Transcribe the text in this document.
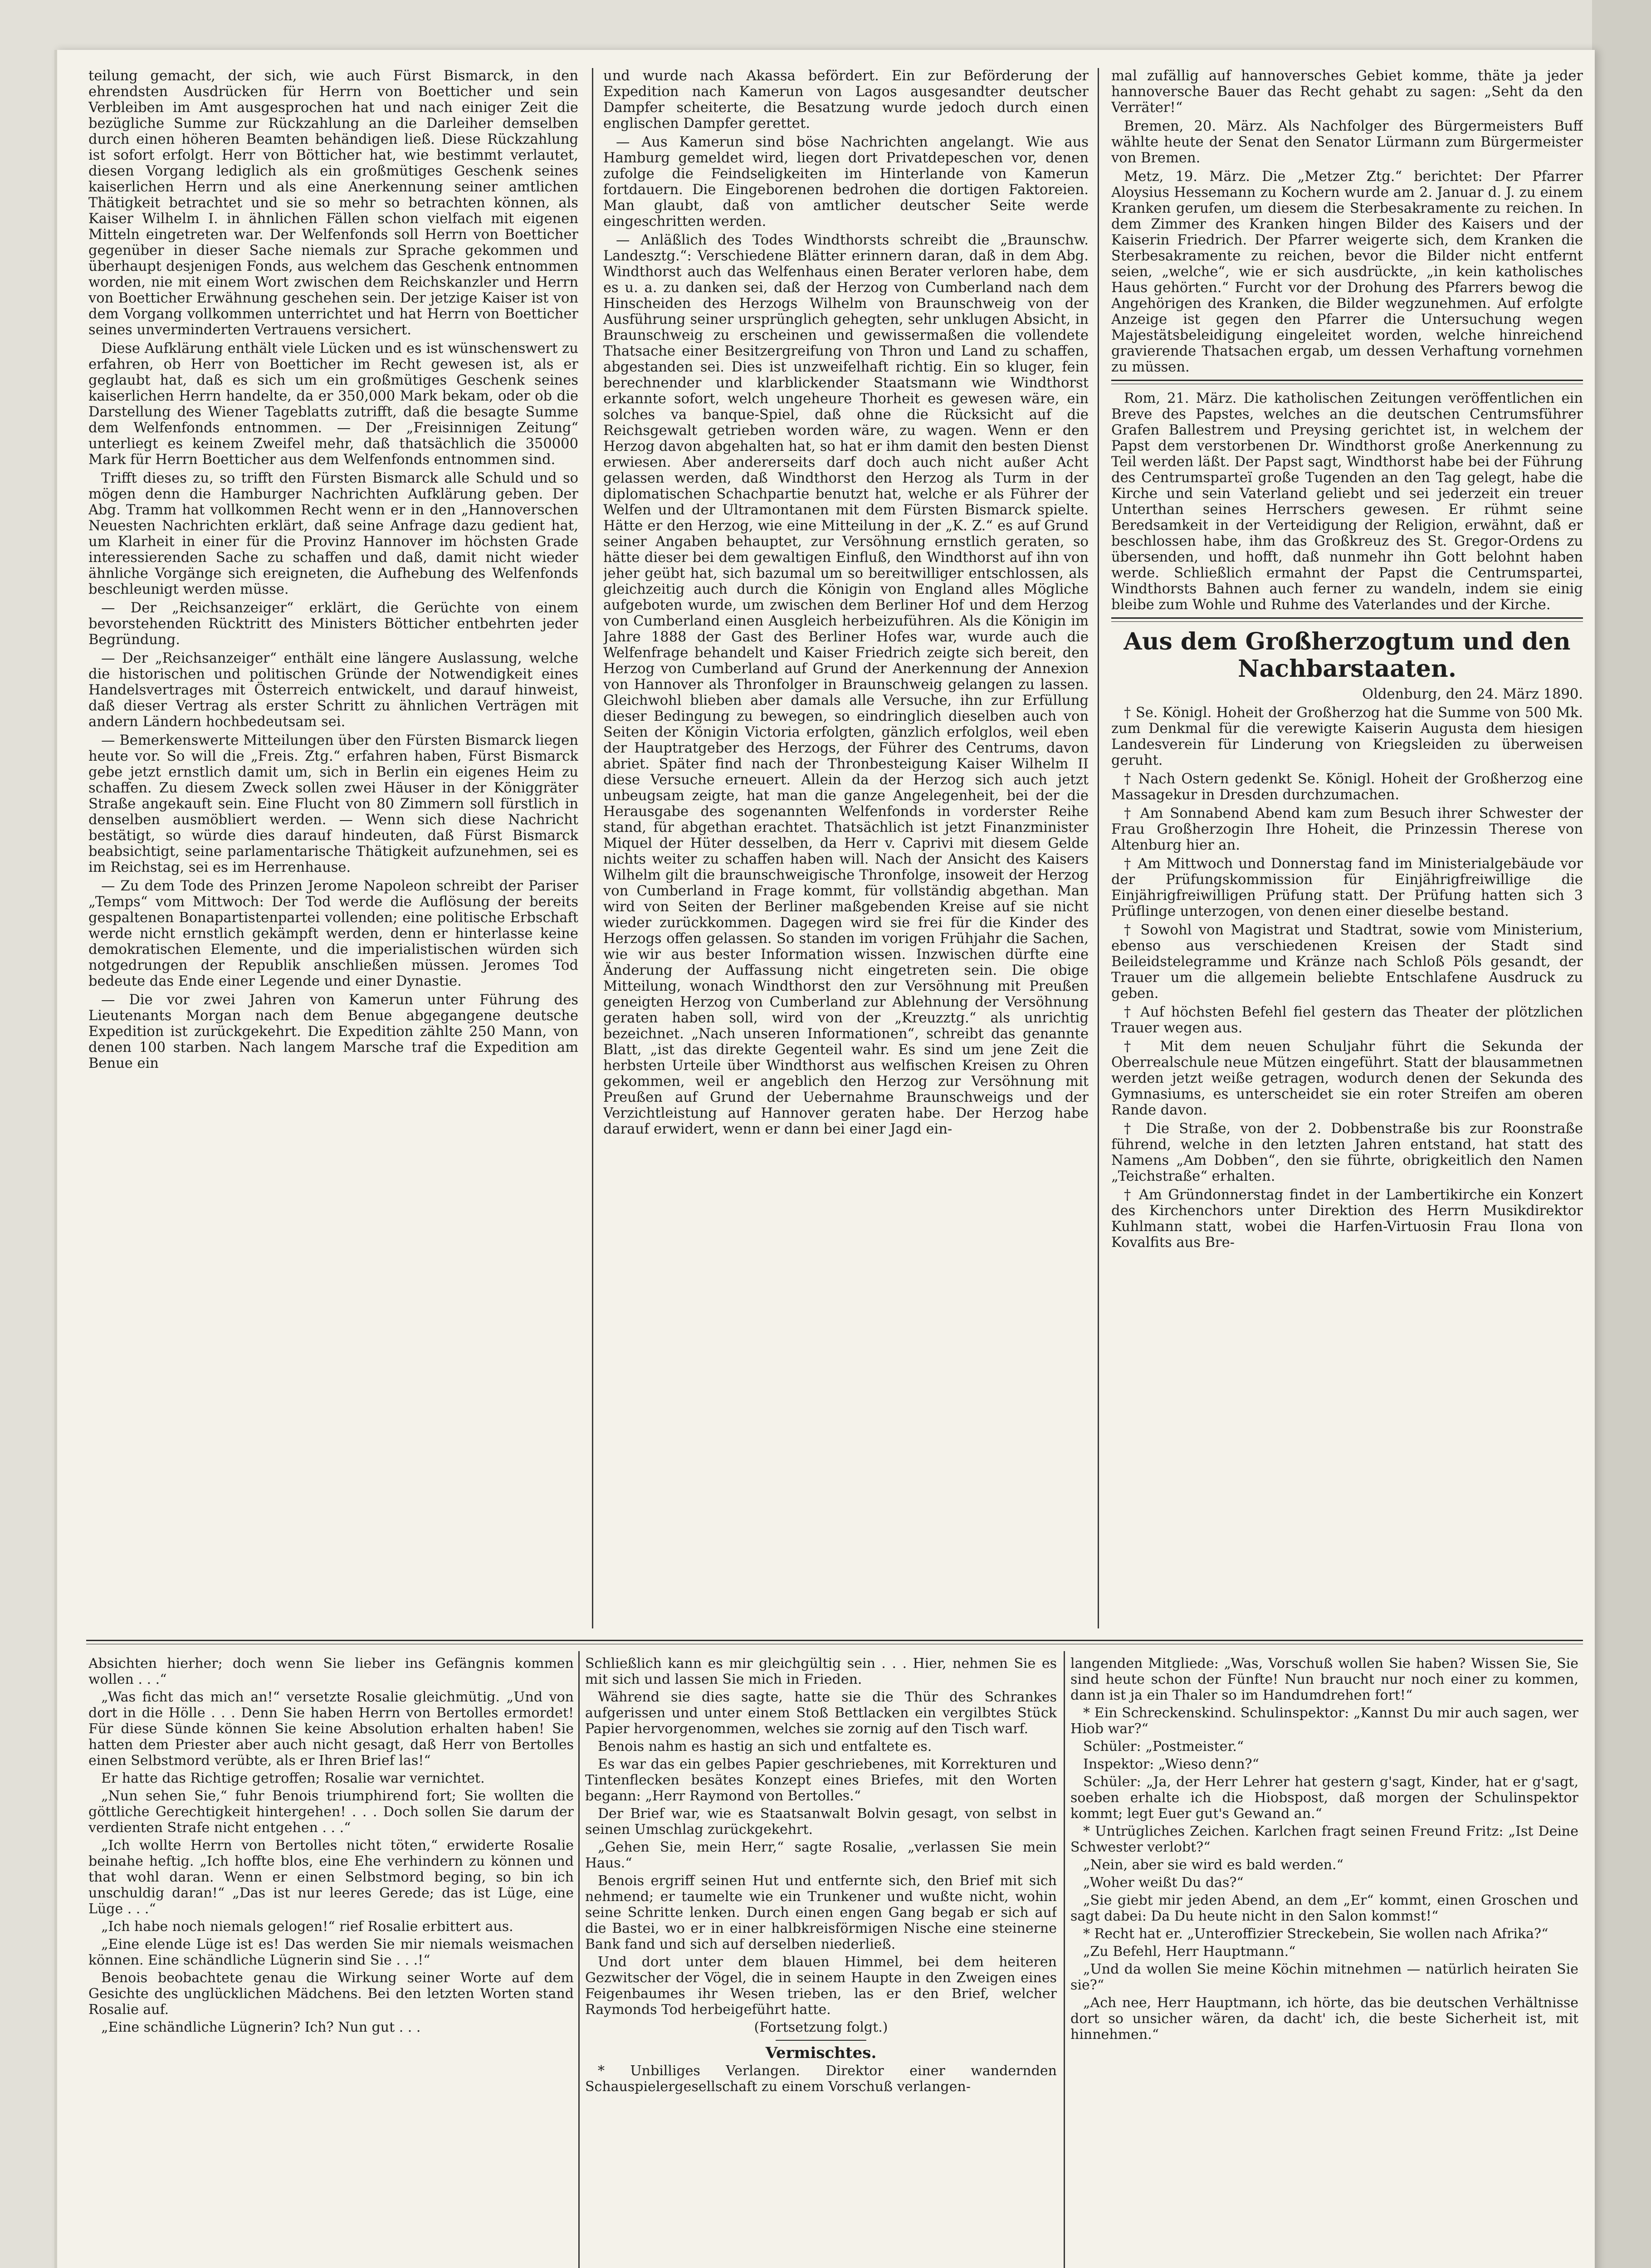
teilung gemacht, der sich, wie auch Fürst Bismarck, in den ehrendsten Ausdrücken für Herrn von Boetticher und sein Verbleiben im Amt ausgesprochen hat und nach einiger Zeit die bezügliche Summe zur Rückzahlung an die Darleiher demselben durch einen höheren Beamten behändigen ließ. Diese Rückzahlung ist sofort erfolgt. Herr von Bötticher hat, wie bestimmt verlautet, diesen Vorgang lediglich als ein großmütiges Geschenk seines kaiserlichen Herrn und als eine Anerkennung seiner amtlichen Thätigkeit betrachtet und sie so mehr so betrachten können, als Kaiser Wilhelm I. in ähnlichen Fällen schon vielfach mit eigenen Mitteln eingetreten war. Der Welfenfonds soll Herrn von Boetticher gegenüber in dieser Sache niemals zur Sprache gekommen und überhaupt desjenigen Fonds, aus welchem das Geschenk entnommen worden, nie mit einem Wort zwischen dem Reichskanzler und Herrn von Boetticher Erwähnung geschehen sein. Der jetzige Kaiser ist von dem Vorgang vollkommen unterrichtet und hat Herrn von Boetticher seines unverminderten Vertrauens versichert.

Diese Aufklärung enthält viele Lücken und es ist wünschenswert zu erfahren, ob Herr von Boetticher im Recht gewesen ist, als er geglaubt hat, daß es sich um ein großmütiges Geschenk seines kaiserlichen Herrn handelte, da er 350,000 Mark bekam, oder ob die Darstellung des Wiener Tageblatts zutrifft, daß die besagte Summe dem Welfenfonds entnommen. — Der „Freisinnigen Zeitung“ unterliegt es keinem Zweifel mehr, daß thatsächlich die 350000 Mark für Herrn Boetticher aus dem Welfenfonds entnommen sind.

Trifft dieses zu, so trifft den Fürsten Bismarck alle Schuld und so mögen denn die Hamburger Nachrichten Aufklärung geben. Der Abg. Tramm hat vollkommen Recht wenn er in den „Hannoverschen Neuesten Nachrichten erklärt, daß seine Anfrage dazu gedient hat, um Klarheit in einer für die Provinz Hannover im höchsten Grade interessierenden Sache zu schaffen und daß, damit nicht wieder ähnliche Vorgänge sich ereigneten, die Aufhebung des Welfenfonds beschleunigt werden müsse.

— Der „Reichsanzeiger“ erklärt, die Gerüchte von einem bevorstehenden Rücktritt des Ministers Bötticher entbehrten jeder Begründung.

— Der „Reichsanzeiger“ enthält eine längere Auslassung, welche die historischen und politischen Gründe der Notwendigkeit eines Handelsvertrages mit Österreich entwickelt, und darauf hinweist, daß dieser Vertrag als erster Schritt zu ähnlichen Verträgen mit andern Ländern hochbedeutsam sei.

— Bemerkenswerte Mitteilungen über den Fürsten Bismarck liegen heute vor. So will die „Freis. Ztg.“ erfahren haben, Fürst Bismarck gebe jetzt ernstlich damit um, sich in Berlin ein eigenes Heim zu schaffen. Zu diesem Zweck sollen zwei Häuser in der Königgräter Straße angekauft sein. Eine Flucht von 80 Zimmern soll fürstlich in denselben ausmöbliert werden. — Wenn sich diese Nachricht bestätigt, so würde dies darauf hindeuten, daß Fürst Bismarck beabsichtigt, seine parlamentarische Thätigkeit aufzunehmen, sei es im Reichstag, sei es im Herrenhause.

— Zu dem Tode des Prinzen Jerome Napoleon schreibt der Pariser „Temps“ vom Mittwoch: Der Tod werde die Auflösung der bereits gespaltenen Bonapartistenpartei vollenden; eine politische Erbschaft werde nicht ernstlich gekämpft werden, denn er hinterlasse keine demokratischen Elemente, und die imperialistischen würden sich notgedrungen der Republik anschließen müssen. Jeromes Tod bedeute das Ende einer Legende und einer Dynastie.

— Die vor zwei Jahren von Kamerun unter Führung des Lieutenants Morgan nach dem Benue abgegangene deutsche Expedition ist zurückgekehrt. Die Expedition zählte 250 Mann, von denen 100 starben. Nach langem Marsche traf die Expedition am Benue ein

und wurde nach Akassa befördert. Ein zur Beförderung der Expedition nach Kamerun von Lagos ausgesandter deutscher Dampfer scheiterte, die Besatzung wurde jedoch durch einen englischen Dampfer gerettet.

— Aus Kamerun sind böse Nachrichten angelangt. Wie aus Hamburg gemeldet wird, liegen dort Privatdepeschen vor, denen zufolge die Feindseligkeiten im Hinterlande von Kamerun fortdauern. Die Eingeborenen bedrohen die dortigen Faktoreien. Man glaubt, daß von amtlicher deutscher Seite werde eingeschritten werden.

— Anläßlich des Todes Windthorsts schreibt die „Braunschw. Landesztg.“: Verschiedene Blätter erinnern daran, daß in dem Abg. Windthorst auch das Welfenhaus einen Berater verloren habe, dem es u. a. zu danken sei, daß der Herzog von Cumberland nach dem Hinscheiden des Herzogs Wilhelm von Braunschweig von der Ausführung seiner ursprünglich gehegten, sehr unklugen Absicht, in Braunschweig zu erscheinen und gewissermaßen die vollendete Thatsache einer Besitzergreifung von Thron und Land zu schaffen, abgestanden sei. Dies ist unzweifelhaft richtig. Ein so kluger, fein berechnender und klarblickender Staatsmann wie Windthorst erkannte sofort, welch ungeheure Thorheit es gewesen wäre, ein solches va banque-Spiel, daß ohne die Rücksicht auf die Reichsgewalt getrieben worden wäre, zu wagen. Wenn er den Herzog davon abgehalten hat, so hat er ihm damit den besten Dienst erwiesen. Aber andererseits darf doch auch nicht außer Acht gelassen werden, daß Windthorst den Herzog als Turm in der diplomatischen Schachpartie benutzt hat, welche er als Führer der Welfen und der Ultramontanen mit dem Fürsten Bismarck spielte. Hätte er den Herzog, wie eine Mitteilung in der „K. Z.“ es auf Grund seiner Angaben behauptet, zur Versöhnung ernstlich geraten, so hätte dieser bei dem gewaltigen Einfluß, den Windthorst auf ihn von jeher geübt hat, sich bazumal um so bereitwilliger entschlossen, als gleichzeitig auch durch die Königin von England alles Mögliche aufgeboten wurde, um zwischen dem Berliner Hof und dem Herzog von Cumberland einen Ausgleich herbeizuführen. Als die Königin im Jahre 1888 der Gast des Berliner Hofes war, wurde auch die Welfenfrage behandelt und Kaiser Friedrich zeigte sich bereit, den Herzog von Cumberland auf Grund der Anerkennung der Annexion von Hannover als Thronfolger in Braunschweig gelangen zu lassen. Gleichwohl blieben aber damals alle Versuche, ihn zur Erfüllung dieser Bedingung zu bewegen, so eindringlich dieselben auch von Seiten der Königin Victoria erfolgten, gänzlich erfolglos, weil eben der Hauptratgeber des Herzogs, der Führer des Centrums, davon abriet. Später find nach der Thronbesteigung Kaiser Wilhelm II diese Versuche erneuert. Allein da der Herzog sich auch jetzt unbeugsam zeigte, hat man die ganze Angelegenheit, bei der die Herausgabe des sogenannten Welfenfonds in vorderster Reihe stand, für abgethan erachtet. Thatsächlich ist jetzt Finanzminister Miquel der Hüter desselben, da Herr v. Caprivi mit diesem Gelde nichts weiter zu schaffen haben will. Nach der Ansicht des Kaisers Wilhelm gilt die braunschweigische Thronfolge, insoweit der Herzog von Cumberland in Frage kommt, für vollständig abgethan. Man wird von Seiten der Berliner maßgebenden Kreise auf sie nicht wieder zurückkommen. Dagegen wird sie frei für die Kinder des Herzogs offen gelassen. So standen im vorigen Frühjahr die Sachen, wie wir aus bester Information wissen. Inzwischen dürfte eine Änderung der Auffassung nicht eingetreten sein. Die obige Mitteilung, wonach Windthorst den zur Versöhnung mit Preußen geneigten Herzog von Cumberland zur Ablehnung der Versöhnung geraten haben soll, wird von der „Kreuzztg.“ als unrichtig bezeichnet. „Nach unseren Informationen“, schreibt das genannte Blatt, „ist das direkte Gegenteil wahr. Es sind um jene Zeit die herbsten Urteile über Windthorst aus welfischen Kreisen zu Ohren gekommen, weil er angeblich den Herzog zur Versöhnung mit Preußen auf Grund der Uebernahme Braunschweigs und der Verzichtleistung auf Hannover geraten habe. Der Herzog habe darauf erwidert, wenn er dann bei einer Jagd ein-

mal zufällig auf hannoversches Gebiet komme, thäte ja jeder hannoversche Bauer das Recht gehabt zu sagen: „Seht da den Verräter!“

Bremen, 20. März. Als Nachfolger des Bürgermeisters Buff wählte heute der Senat den Senator Lürmann zum Bürgermeister von Bremen.

Metz, 19. März. Die „Metzer Ztg.“ berichtet: Der Pfarrer Aloysius Hessemann zu Kochern wurde am 2. Januar d. J. zu einem Kranken gerufen, um diesem die Sterbesakramente zu reichen. In dem Zimmer des Kranken hingen Bilder des Kaisers und der Kaiserin Friedrich. Der Pfarrer weigerte sich, dem Kranken die Sterbesakramente zu reichen, bevor die Bilder nicht entfernt seien, „welche“, wie er sich ausdrückte, „in kein katholisches Haus gehörten.“ Furcht vor der Drohung des Pfarrers bewog die Angehörigen des Kranken, die Bilder wegzunehmen. Auf erfolgte Anzeige ist gegen den Pfarrer die Untersuchung wegen Majestätsbeleidigung eingeleitet worden, welche hinreichend gravierende Thatsachen ergab, um dessen Verhaftung vornehmen zu müssen.

Rom, 21. März. Die katholischen Zeitungen veröffentlichen ein Breve des Papstes, welches an die deutschen Centrumsführer Grafen Ballestrem und Preysing gerichtet ist, in welchem der Papst dem verstorbenen Dr. Windthorst große Anerkennung zu Teil werden läßt. Der Papst sagt, Windthorst habe bei der Führung des Centrumsparteï große Tugenden an den Tag gelegt, habe die Kirche und sein Vaterland geliebt und sei jederzeit ein treuer Unterthan seines Herrschers gewesen. Er rühmt seine Beredsamkeit in der Verteidigung der Religion, erwähnt, daß er beschlossen habe, ihm das Großkreuz des St. Gregor-Ordens zu übersenden, und hofft, daß nunmehr ihn Gott belohnt haben werde. Schließlich ermahnt der Papst die Centrumspartei, Windthorsts Bahnen auch ferner zu wandeln, indem sie einig bleibe zum Wohle und Ruhme des Vaterlandes und der Kirche.

Aus dem Großherzogtum und den Nachbarstaaten.

Oldenburg, den 24. März 1890.

† Se. Königl. Hoheit der Großherzog hat die Summe von 500 Mk. zum Denkmal für die verewigte Kaiserin Augusta dem hiesigen Landesverein für Linderung von Kriegsleiden zu überweisen geruht.

† Nach Ostern gedenkt Se. Königl. Hoheit der Großherzog eine Massagekur in Dresden durchzumachen.

† Am Sonnabend Abend kam zum Besuch ihrer Schwester der Frau Großherzogin Ihre Hoheit, die Prinzessin Therese von Altenburg hier an.

† Am Mittwoch und Donnerstag fand im Ministerialgebäude vor der Prüfungskommission für Einjährigfreiwillige die Einjährigfreiwilligen Prüfung statt. Der Prüfung hatten sich 3 Prüflinge unterzogen, von denen einer dieselbe bestand.

† Sowohl von Magistrat und Stadtrat, sowie vom Ministerium, ebenso aus verschiedenen Kreisen der Stadt sind Beileidstelegramme und Kränze nach Schloß Pöls gesandt, der Trauer um die allgemein beliebte Entschlafene Ausdruck zu geben.

† Auf höchsten Befehl fiel gestern das Theater der plötzlichen Trauer wegen aus.

† Mit dem neuen Schuljahr führt die Sekunda der Oberrealschule neue Mützen eingeführt. Statt der blausammetnen werden jetzt weiße getragen, wodurch denen der Sekunda des Gymnasiums, es unterscheidet sie ein roter Streifen am oberen Rande davon.

† Die Straße, von der 2. Dobbenstraße bis zur Roonstraße führend, welche in den letzten Jahren entstand, hat statt des Namens „Am Dobben“, den sie führte, obrigkeitlich den Namen „Teichstraße“ erhalten.

† Am Gründonnerstag findet in der Lambertikirche ein Konzert des Kirchenchors unter Direktion des Herrn Musikdirektor Kuhlmann statt, wobei die Harfen-Virtuosin Frau Ilona von Kovalfits aus Bre-

Absichten hierher; doch wenn Sie lieber ins Gefängnis kommen wollen . . .“

„Was ficht das mich an!“ versetzte Rosalie gleichmütig. „Und von dort in die Hölle . . . Denn Sie haben Herrn von Bertolles ermordet! Für diese Sünde können Sie keine Absolution erhalten haben! Sie hatten dem Priester aber auch nicht gesagt, daß Herr von Bertolles einen Selbstmord verübte, als er Ihren Brief las!“

Er hatte das Richtige getroffen; Rosalie war vernichtet.

„Nun sehen Sie,“ fuhr Benois triumphirend fort; Sie wollten die göttliche Gerechtigkeit hintergehen! . . . Doch sollen Sie darum der verdienten Strafe nicht entgehen . . .“

„Ich wollte Herrn von Bertolles nicht töten,“ erwiderte Rosalie beinahe heftig. „Ich hoffte blos, eine Ehe verhindern zu können und that wohl daran. Wenn er einen Selbstmord beging, so bin ich unschuldig daran!“ „Das ist nur leeres Gerede; das ist Lüge, eine Lüge . . .“

„Ich habe noch niemals gelogen!“ rief Rosalie erbittert aus.

„Eine elende Lüge ist es! Das werden Sie mir niemals weismachen können. Eine schändliche Lügnerin sind Sie . . .!“

Benois beobachtete genau die Wirkung seiner Worte auf dem Gesichte des unglücklichen Mädchens. Bei den letzten Worten stand Rosalie auf.

„Eine schändliche Lügnerin? Ich? Nun gut . . .

Schließlich kann es mir gleichgültig sein . . . Hier, nehmen Sie es mit sich und lassen Sie mich in Frieden.

Während sie dies sagte, hatte sie die Thür des Schrankes aufgerissen und unter einem Stoß Bettlacken ein vergilbtes Stück Papier hervorgenommen, welches sie zornig auf den Tisch warf.

Benois nahm es hastig an sich und entfaltete es.

Es war das ein gelbes Papier geschriebenes, mit Korrekturen und Tintenflecken besätes Konzept eines Briefes, mit den Worten begann: „Herr Raymond von Bertolles.“

Der Brief war, wie es Staatsanwalt Bolvin gesagt, von selbst in seinen Umschlag zurückgekehrt.

„Gehen Sie, mein Herr,“ sagte Rosalie, „verlassen Sie mein Haus.“

Benois ergriff seinen Hut und entfernte sich, den Brief mit sich nehmend; er taumelte wie ein Trunkener und wußte nicht, wohin seine Schritte lenken. Durch einen engen Gang begab er sich auf die Bastei, wo er in einer halbkreisförmigen Nische eine steinerne Bank fand und sich auf derselben niederließ.

Und dort unter dem blauen Himmel, bei dem heiteren Gezwitscher der Vögel, die in seinem Haupte in den Zweigen eines Feigenbaumes ihr Wesen trieben, las er den Brief, welcher Raymonds Tod herbeigeführt hatte.

(Fortsetzung folgt.)

Vermischtes.

* Unbilliges Verlangen. Direktor einer wandernden Schauspielergesellschaft zu einem Vorschuß verlangen-

langenden Mitgliede: „Was, Vorschuß wollen Sie haben? Wissen Sie, Sie sind heute schon der Fünfte! Nun braucht nur noch einer zu kommen, dann ist ja ein Thaler so im Handumdrehen fort!“

* Ein Schreckenskind. Schulinspektor: „Kannst Du mir auch sagen, wer Hiob war?“

Schüler: „Postmeister.“

Inspektor: „Wieso denn?“

Schüler: „Ja, der Herr Lehrer hat gestern g'sagt, Kinder, hat er g'sagt, soeben erhalte ich die Hiobspost, daß morgen der Schulinspektor kommt; legt Euer gut's Gewand an.“

* Untrügliches Zeichen. Karlchen fragt seinen Freund Fritz: „Ist Deine Schwester verlobt?“

„Nein, aber sie wird es bald werden.“

„Woher weißt Du das?“

„Sie giebt mir jeden Abend, an dem „Er“ kommt, einen Groschen und sagt dabei: Da Du heute nicht in den Salon kommst!“

* Recht hat er. „Unteroffizier Streckebein, Sie wollen nach Afrika?“

„Zu Befehl, Herr Hauptmann.“

„Und da wollen Sie meine Köchin mitnehmen — natürlich heiraten Sie sie?“

„Ach nee, Herr Hauptmann, ich hörte, das bie deutschen Verhältnisse dort so unsicher wären, da dacht' ich, die beste Sicherheit ist, mit hinnehmen.“
